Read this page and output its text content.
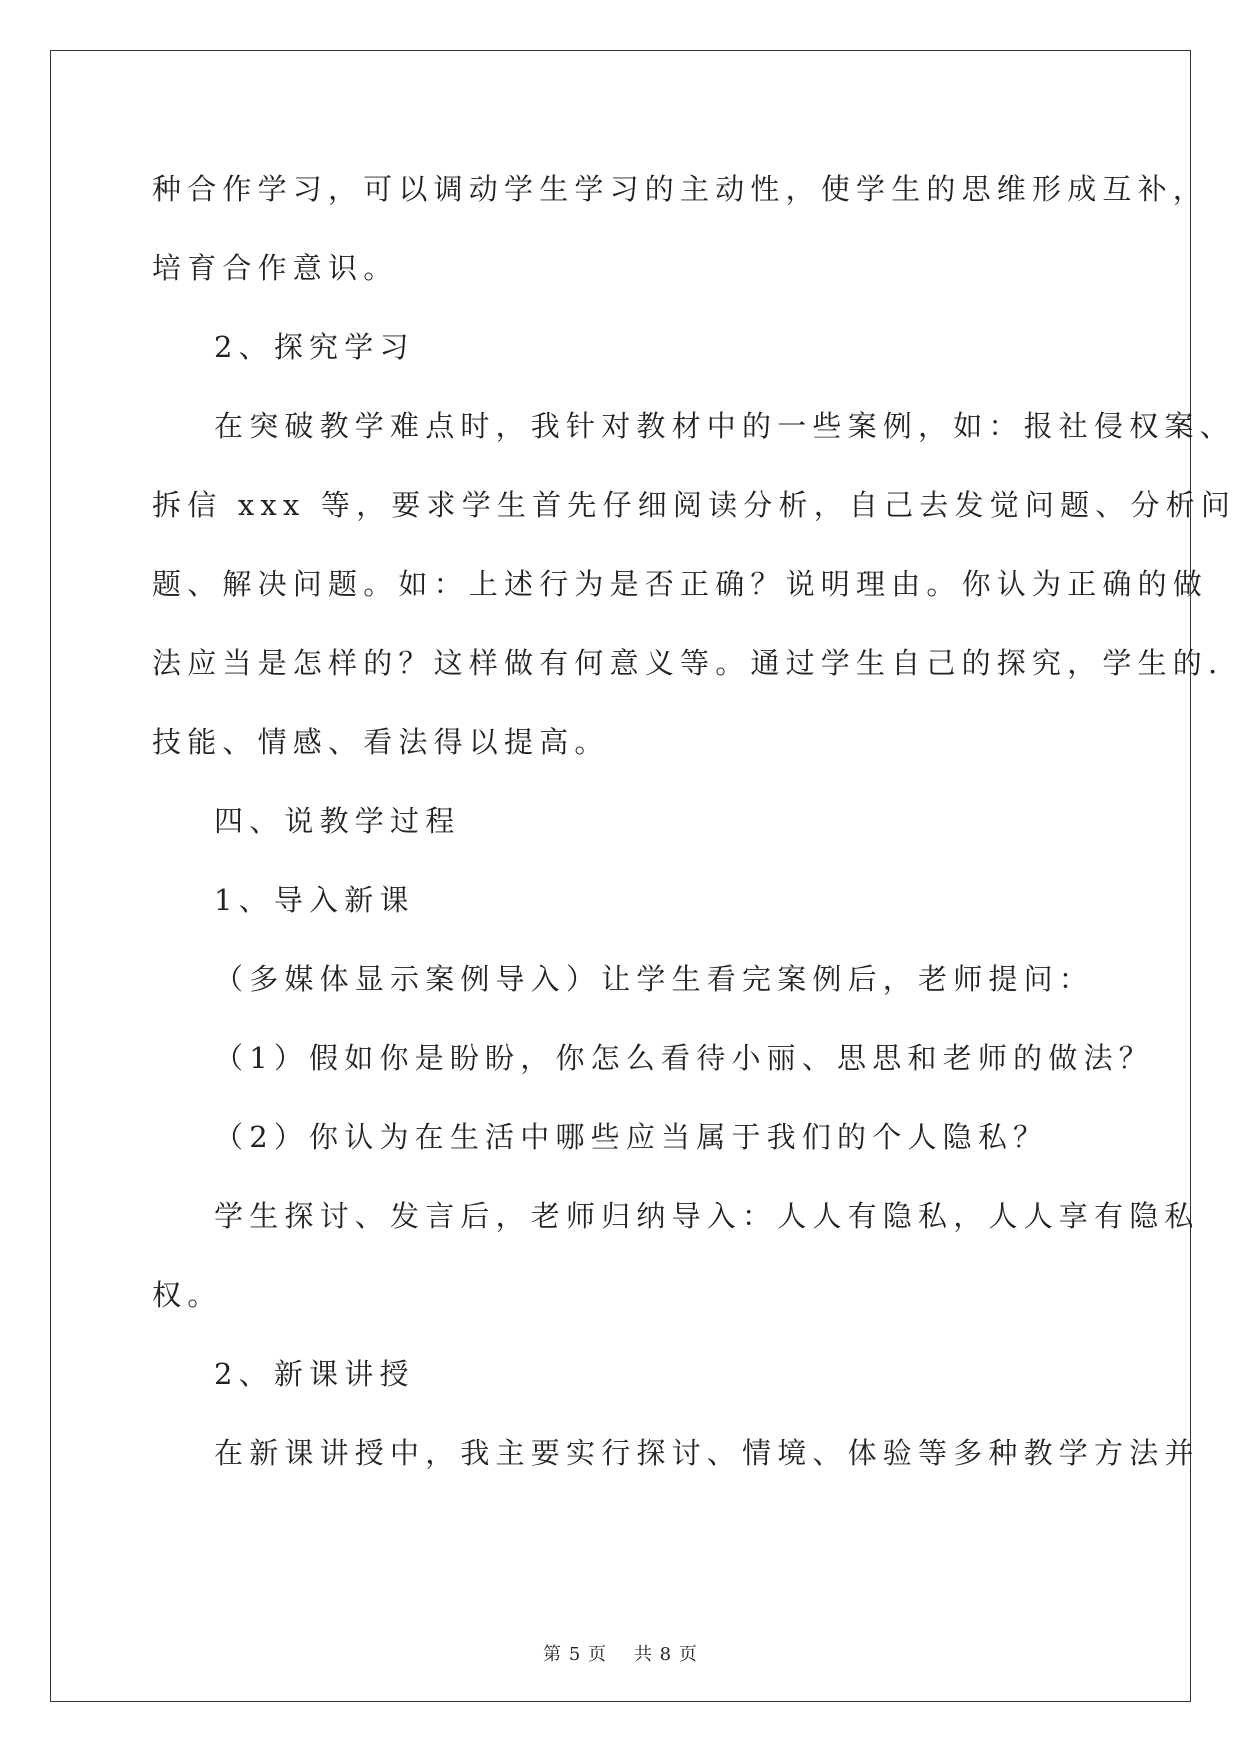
种合作学习，可以调动学生学习的主动性，使学生的思维形成互补，

培育合作意识。

2、探究学习

在突破教学难点时，我针对教材中的一些案例，如：报社侵权案、

拆信 xxx 等，要求学生首先仔细阅读分析，自己去发觉问题、分析问

题、解决问题。如：上述行为是否正确？说明理由。你认为正确的做

法应当是怎样的？这样做有何意义等。通过学生自己的探究，学生的.

技能、情感、看法得以提高。

四、说教学过程

1、导入新课

（多媒体显示案例导入）让学生看完案例后，老师提问：

（1）假如你是盼盼，你怎么看待小丽、思思和老师的做法？

（2）你认为在生活中哪些应当属于我们的个人隐私？

学生探讨、发言后，老师归纳导入：人人有隐私，人人享有隐私

权。

2、新课讲授

在新课讲授中，我主要实行探讨、情境、体验等多种教学方法并

第 5 页    共 8 页
